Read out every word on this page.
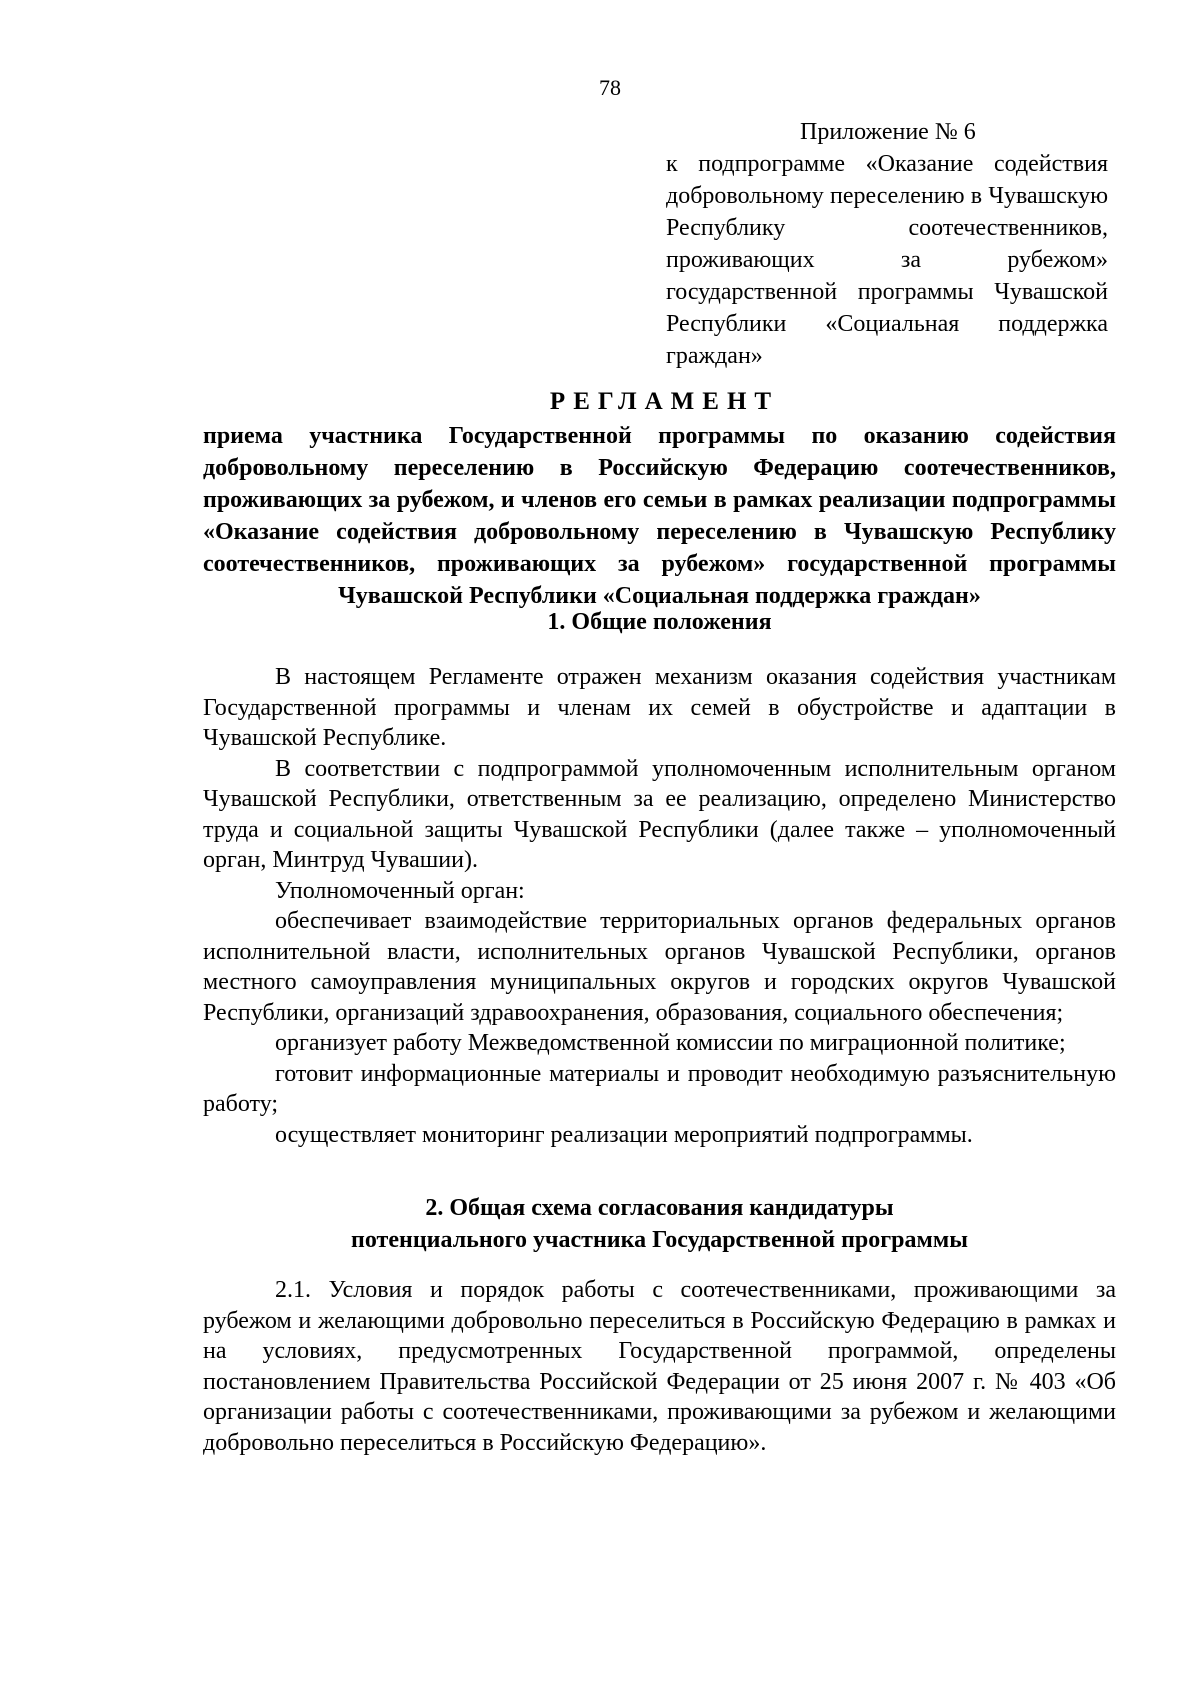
78
Приложение № 6
к подпрограмме «Оказание содействия добровольному переселению в Чувашскую Республику соотечественников, проживающих за рубежом» государственной программы Чувашской Республики «Социальная поддержка граждан»
РЕГЛАМЕНТ
приема участника Государственной программы по оказанию содействия добровольному переселению в Российскую Федерацию соотечественников, проживающих за рубежом, и членов его семьи в рамках реализации подпрограммы «Оказание содействия добровольному переселению в Чувашскую Республику соотечественников, проживающих за рубежом» государственной программы Чувашской Республики «Социальная поддержка граждан»
1. Общие положения

В настоящем Регламенте отражен механизм оказания содействия участникам Государственной программы и членам их семей в обустройстве и адаптации в Чувашской Республике.

В соответствии с подпрограммой уполномоченным исполнительным органом Чувашской Республики, ответственным за ее реализацию, определено Министерство труда и социальной защиты Чувашской Республики (далее также – уполномоченный орган, Минтруд Чувашии).

Уполномоченный орган:

обеспечивает взаимодействие территориальных органов федеральных органов исполнительной власти, исполнительных органов Чувашской Республики, органов местного самоуправления муниципальных округов и городских округов Чувашской Республики, организаций здравоохранения, образования, социального обеспечения;

организует работу Межведомственной комиссии по миграционной политике;

готовит информационные материалы и проводит необходимую разъяснительную работу;

осуществляет мониторинг реализации мероприятий подпрограммы.

2. Общая схема согласования кандидатуры
потенциального участника Государственной программы

2.1. Условия и порядок работы с соотечественниками, проживающими за рубежом и желающими добровольно переселиться в Российскую Федерацию в рамках и на условиях, предусмотренных Государственной программой, определены постановлением Правительства Российской Федерации от 25 июня 2007 г. № 403 «Об организации работы с соотечественниками, проживающими за рубежом и желающими добровольно переселиться в Российскую Федерацию».
